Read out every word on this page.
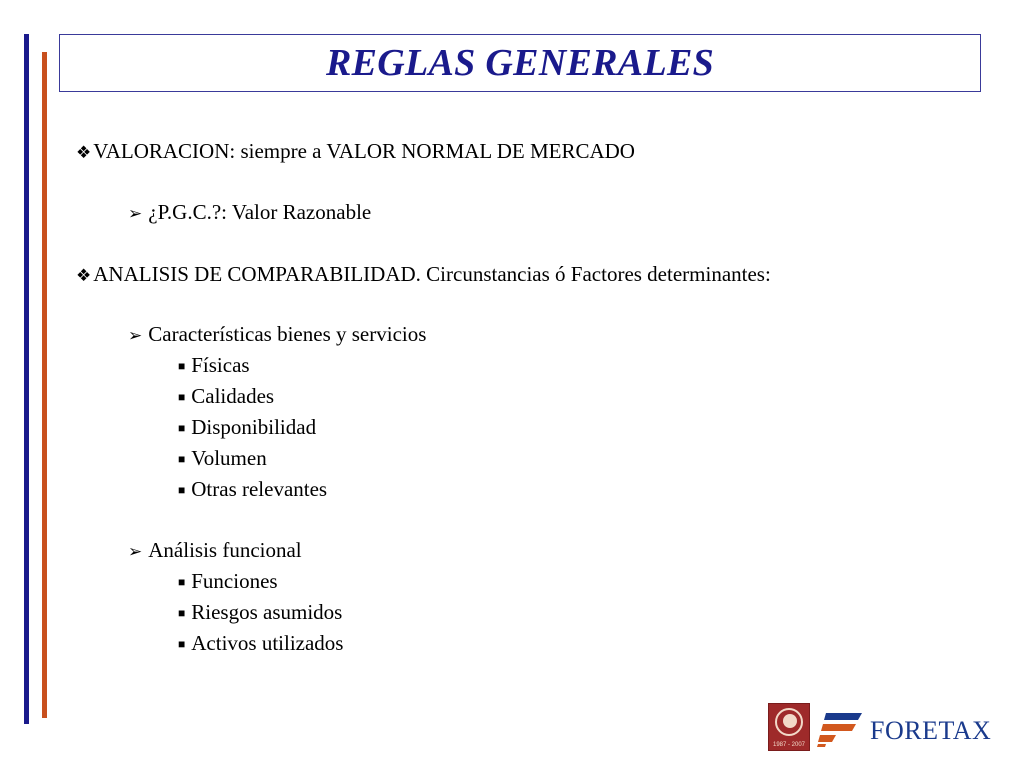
REGLAS GENERALES
❖VALORACION: siempre a VALOR NORMAL DE MERCADO
➢ ¿P.G.C.?: Valor Razonable
❖ANALISIS DE COMPARABILIDAD. Circunstancias ó Factores determinantes:
➢ Características bienes y servicios
■ Físicas
■ Calidades
■ Disponibilidad
■ Volumen
■ Otras relevantes
➢ Análisis funcional
■ Funciones
■ Riesgos asumidos
■ Activos utilizados
1987 - 2007 FORETAX
